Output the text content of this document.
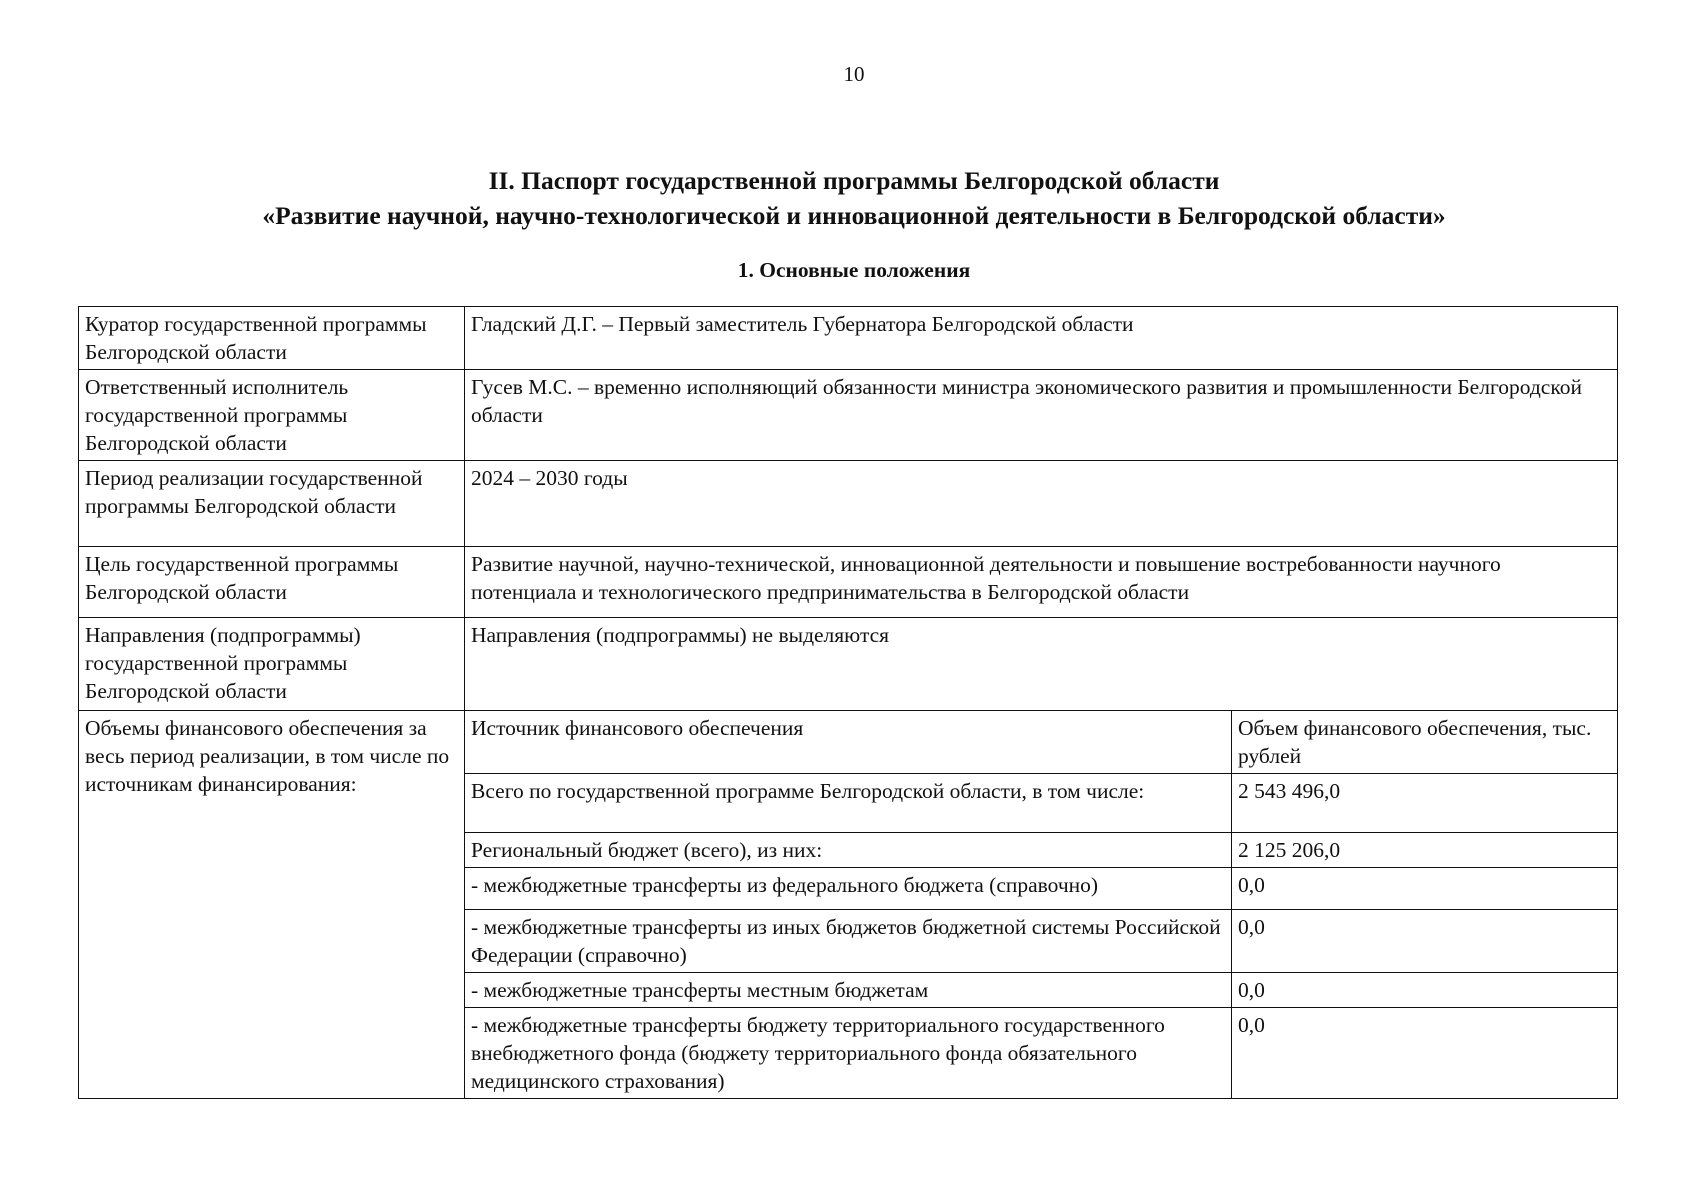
10
II. Паспорт государственной программы Белгородской области
«Развитие научной, научно-технологической и инновационной деятельности в Белгородской области»
1. Основные положения
Куратор государственной программы Белгородской области	Гладский Д.Г. – Первый заместитель Губернатора Белгородской области	
Ответственный исполнитель государственной программы Белгородской области	Гусев М.С. – временно исполняющий обязанности министра экономического развития и промышленности Белгородской области	
Период реализации государственной программы Белгородской области	2024 – 2030 годы	
Цель государственной программы Белгородской области	Развитие научной, научно-технической, инновационной деятельности и повышение востребованности научного потенциала и технологического предпринимательства в Белгородской области	
Направления (подпрограммы) государственной программы Белгородской области	Направления (подпрограммы) не выделяются	
Объемы финансового обеспечения за весь период реализации, в том числе по источникам финансирования:	Источник финансового обеспечения	Объем финансового обеспечения, тыс. рублей
	Всего по государственной программе Белгородской области, в том числе:	2 543 496,0
	Региональный бюджет (всего), из них:	2 125 206,0
	- межбюджетные трансферты из федерального бюджета (справочно)	0,0
	- межбюджетные трансферты из иных бюджетов бюджетной системы Российской Федерации (справочно)	0,0
	- межбюджетные трансферты местным бюджетам	0,0
	- межбюджетные трансферты бюджету территориального государственного внебюджетного фонда (бюджету территориального фонда обязательного медицинского страхования)	0,0
